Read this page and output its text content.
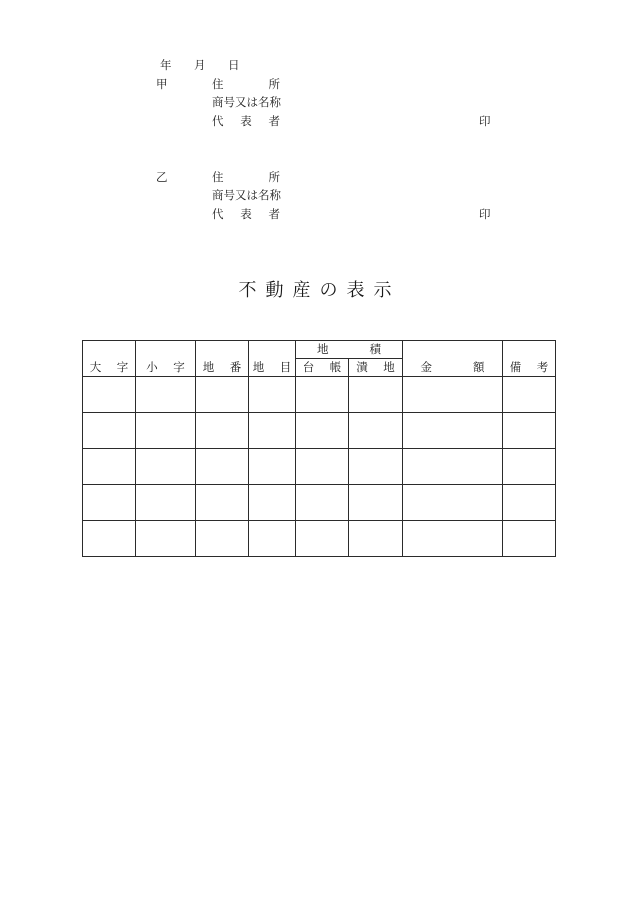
年 月 日
甲	住　　所
商号又は名称
代　表　者	印
乙	住　　所
商号又は名称
代　表　者	印
不動産の表示
大　字	小　字	地　番	地　目	地　　積		金　　額	備　考
				台　帳	潰　地		
